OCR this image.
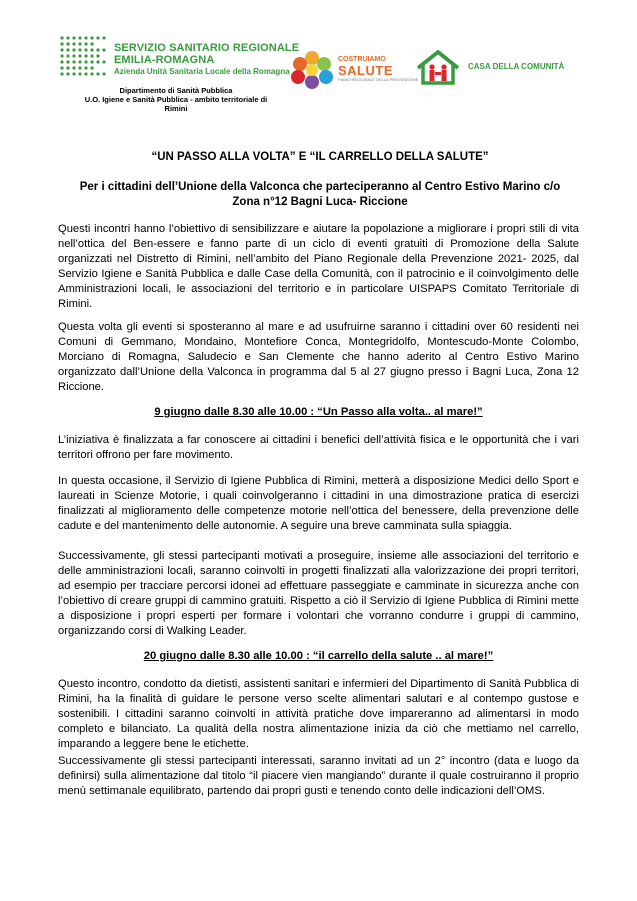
SERVIZIO SANITARIO REGIONALE
EMILIA-ROMAGNA
Azienda Unità Sanitaria Locale della Romagna
Dipartimento di Sanità Pubblica
U.O. Igiene e Sanità Pubblica - ambito territoriale di
Rimini
COSTRUIAMO
SALUTE
PIANO REGIONALE DELLA PREVENZIONE
CASA DELLA COMUNITÀ
“UN PASSO ALLA VOLTA” E “IL CARRELLO DELLA SALUTE”
Per i cittadini dell’Unione della Valconca che parteciperanno al Centro Estivo Marino c/o
Zona n°12 Bagni Luca- Riccione
Questi incontri hanno l’obiettivo di sensibilizzare e aiutare la popolazione a migliorare i propri stili di vita nell’ottica del Ben-essere e fanno parte di un ciclo di eventi gratuiti di Promozione della Salute organizzati nel Distretto di Rimini, nell’ambito del Piano Regionale della Prevenzione 2021- 2025, dal Servizio Igiene e Sanità Pubblica e dalle Case della Comunità, con il patrocinio e il coinvolgimento delle Amministrazioni locali, le associazioni del territorio e in particolare UISPAPS Comitato Territoriale di Rimini.
Questa volta gli eventi si sposteranno al mare e ad usufruirne saranno i cittadini over 60 residenti nei Comuni di Gemmano, Mondaino, Montefiore Conca, Montegridolfo, Montescudo-Monte Colombo, Morciano di Romagna, Saludecio e San Clemente che hanno aderito al Centro Estivo Marino organizzato dall’Unione della Valconca in programma dal 5 al 27 giugno presso i Bagni Luca, Zona 12 Riccione.
9 giugno dalle 8.30 alle 10.00 : “Un Passo alla volta.. al mare!”
L’iniziativa è finalizzata a far conoscere ai cittadini i benefici dell’attività fisica e le opportunità che i vari territori offrono per fare movimento.
In questa occasione, il Servizio di Igiene Pubblica di Rimini, metterà a disposizione Medici dello Sport e laureati in Scienze Motorie, i quali coinvolgeranno i cittadini in una dimostrazione pratica di esercizi finalizzati al miglioramento delle competenze motorie nell’ottica del benessere, della prevenzione delle cadute e del mantenimento delle autonomie. A seguire una breve camminata sulla spiaggia.
Successivamente, gli stessi partecipanti motivati a proseguire, insieme alle associazioni del territorio e delle amministrazioni locali, saranno coinvolti in progetti finalizzati alla valorizzazione dei propri territori, ad esempio per tracciare percorsi idonei ad effettuare passeggiate e camminate in sicurezza anche con l’obiettivo di creare gruppi di cammino gratuiti. Rispetto a ciò il Servizio di Igiene Pubblica di Rimini mette a disposizione i propri esperti per formare i volontari che vorranno condurre i gruppi di cammino, organizzando corsi di Walking Leader.
20 giugno dalle 8.30 alle 10.00 : “il carrello della salute .. al mare!”
Questo incontro, condotto da dietisti, assistenti sanitari e infermieri del Dipartimento di Sanità Pubblica di Rimini, ha la finalità di guidare le persone verso scelte alimentari salutari e al contempo gustose e sostenibili. I cittadini saranno coinvolti in attività pratiche dove impareranno ad alimentarsi in modo completo e bilanciato. La qualità della nostra alimentazione inizia da ciò che mettiamo nel carrello, imparando a leggere bene le etichette.
Successivamente gli stessi partecipanti interessati, saranno invitati ad un 2° incontro (data e luogo da definirsi) sulla alimentazione dal titolo “il piacere vien mangiando” durante il quale costruiranno il proprio menù settimanale equilibrato, partendo dai propri gusti e tenendo conto delle indicazioni dell’OMS.
